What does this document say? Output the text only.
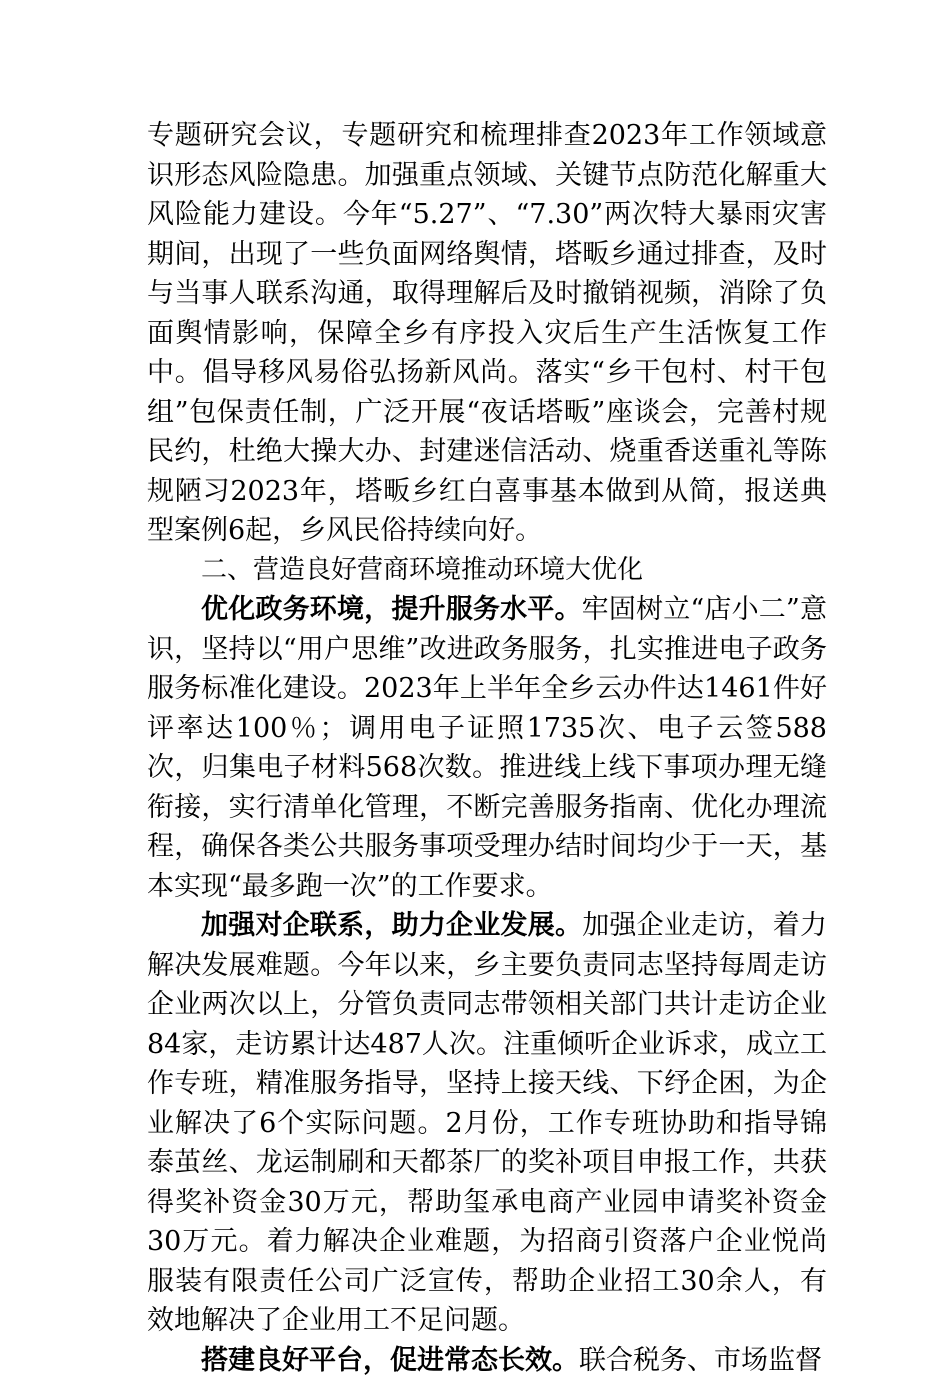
专题研究会议，专题研究和梳理排查2023年工作领域意识形态风险隐患。加强重点领域、关键节点防范化解重大风险能力建设。今年“5.27”、“7.30”两次特大暴雨灾害期间，出现了一些负面网络舆情，塔畈乡通过排查，及时与当事人联系沟通，取得理解后及时撤销视频，消除了负面舆情影响，保障全乡有序投入灾后生产生活恢复工作中。倡导移风易俗弘扬新风尚。落实“乡干包村、村干包组”包保责任制，广泛开展“夜话塔畈”座谈会，完善村规民约，杜绝大操大办、封建迷信活动、烧重香送重礼等陈规陋习2023年，塔畈乡红白喜事基本做到从简，报送典型案例6起，乡风民俗持续向好。

二、营造良好营商环境推动环境大优化

优化政务环境，提升服务水平。牢固树立“店小二”意识，坚持以“用户思维”改进政务服务，扎实推进电子政务服务标准化建设。2023年上半年全乡云办件达1461件好评率达100％；调用电子证照1735次、电子云签588次，归集电子材料568次数。推进线上线下事项办理无缝衔接，实行清单化管理，不断完善服务指南、优化办理流程，确保各类公共服务事项受理办结时间均少于一天，基本实现“最多跑一次”的工作要求。

加强对企联系，助力企业发展。加强企业走访，着力解决发展难题。今年以来，乡主要负责同志坚持每周走访企业两次以上，分管负责同志带领相关部门共计走访企业84家，走访累计达487人次。注重倾听企业诉求，成立工作专班，精准服务指导，坚持上接天线、下纾企困，为企业解决了6个实际问题。2月份，工作专班协助和指导锦泰茧丝、龙运制刷和天都茶厂的奖补项目申报工作，共获得奖补资金30万元，帮助玺承电商产业园申请奖补资金30万元。着力解决企业难题，为招商引资落户企业悦尚服装有限责任公司广泛宣传，帮助企业招工30余人，有效地解决了企业用工不足问题。

搭建良好平台，促进常态长效。联合税务、市场监督
